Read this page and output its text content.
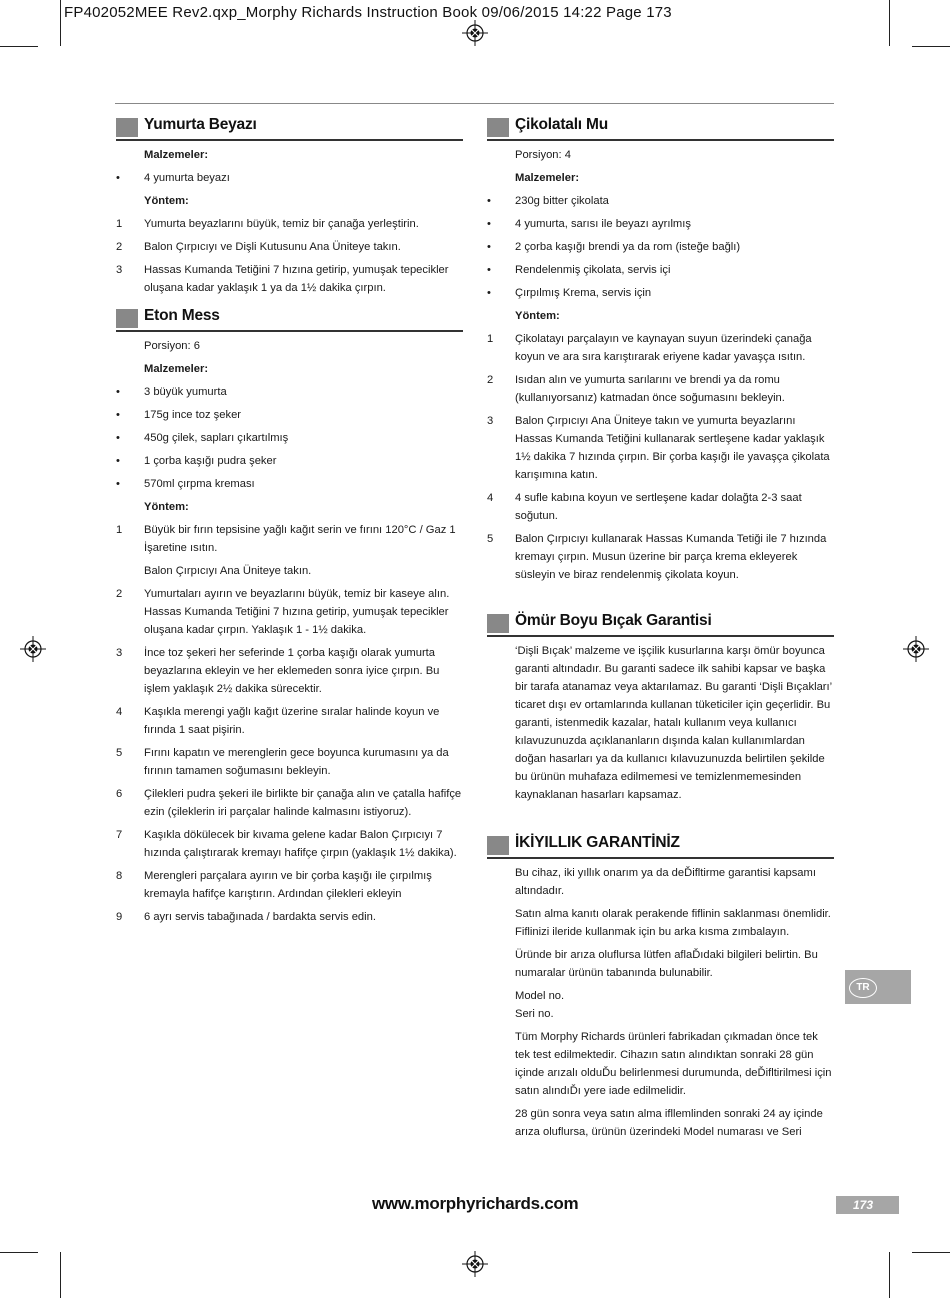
FP402052MEE Rev2.qxp_Morphy Richards Instruction Book 09/06/2015 14:22 Page 173
Yumurta Beyazı
Malzemeler:
•	4 yumurta beyazı
Yöntem:
1	Yumurta beyazlarını büyük, temiz bir çanağa yerleştirin.
2	Balon Çırpıcıyı ve Dişli Kutusunu Ana Üniteye takın.
3	Hassas Kumanda Tetiğini 7 hızına getirip, yumuşak tepecikler oluşana kadar yaklaşık 1 ya da 1½ dakika çırpın.
Eton Mess
Porsiyon: 6
Malzemeler:
•	3 büyük yumurta
•	175g ince toz şeker
•	450g çilek, sapları çıkartılmış
•	1 çorba kaşığı pudra şeker
•	570ml çırpma kreması
Yöntem:
1	Büyük bir fırın tepsisine yağlı kağıt serin ve fırını 120°C / Gaz 1 İşaretine ısıtın.
Balon Çırpıcıyı Ana Üniteye takın.
2	Yumurtaları ayırın ve beyazlarını büyük, temiz bir kaseye alın. Hassas Kumanda Tetiğini 7 hızına getirip, yumuşak tepecikler oluşana kadar çırpın. Yaklaşık 1 - 1½ dakika.
3	İnce toz şekeri her seferinde 1 çorba kaşığı olarak yumurta beyazlarına ekleyin ve her eklemeden sonra iyice çırpın. Bu işlem yaklaşık 2½ dakika sürecektir.
4	Kaşıkla merengi yağlı kağıt üzerine sıralar halinde koyun ve fırında 1 saat pişirin.
5	Fırını kapatın ve merenglerin gece boyunca kurumasını ya da fırının tamamen soğumasını bekleyin.
6	Çilekleri pudra şekeri ile birlikte bir çanağa alın ve çatalla hafifçe ezin (çileklerin iri parçalar halinde kalmasını istiyoruz).
7	Kaşıkla dökülecek bir kıvama gelene kadar Balon Çırpıcıyı 7 hızında çalıştırarak kremayı hafifçe çırpın (yaklaşık 1½ dakika).
8	Merengleri parçalara ayırın ve bir çorba kaşığı ile çırpılmış kremayla hafifçe karıştırın. Ardından çilekleri ekleyin
9	6 ayrı servis tabağınada / bardakta servis edin.
Çikolatalı Mu
Porsiyon: 4
Malzemeler:
•	230g bitter çikolata
•	4 yumurta, sarısı ile beyazı ayrılmış
•	2 çorba kaşığı brendi ya da rom (isteğe bağlı)
•	Rendelenmiş çikolata, servis içi
•	Çırpılmış Krema, servis için
Yöntem:
1	Çikolatayı parçalayın ve kaynayan suyun üzerindeki çanağa koyun ve ara sıra karıştırarak eriyene kadar yavaşça ısıtın.
2	Isıdan alın ve yumurta sarılarını ve brendi ya da romu (kullanıyorsanız) katmadan önce soğumasını bekleyin.
3	Balon Çırpıcıyı Ana Üniteye takın ve yumurta beyazlarını Hassas Kumanda Tetiğini kullanarak sertleşene kadar yaklaşık 1½ dakika 7 hızında çırpın. Bir çorba kaşığı ile yavaşça çikolata karışımına katın.
4	4 sufle kabına koyun ve sertleşene kadar dolağta 2-3 saat soğutun.
5	Balon Çırpıcıyı kullanarak Hassas Kumanda Tetiği ile 7 hızında kremayı çırpın. Musun üzerine bir parça krema ekleyerek süsleyin ve biraz rendelenmiş çikolata koyun.
Ömür Boyu Bıçak Garantisi
‘Dişli Bıçak’ malzeme ve işçilik kusurlarına karşı ömür boyunca garanti altındadır. Bu garanti sadece ilk sahibi kapsar ve başka bir tarafa atanamaz veya aktarılamaz. Bu garanti ‘Dişli Bıçakları’ ticaret dışı ev ortamlarında kullanan tüketiciler için geçerlidir. Bu garanti, istenmedik kazalar, hatalı kullanım veya kullanıcı kılavuzunuzda açıklananların dışında kalan kullanımlardan doğan hasarları ya da kullanıcı kılavuzunuzda belirtilen şekilde bu ürünün muhafaza edilmemesi ve temizlenmemesinden kaynaklanan hasarları kapsamaz.
İKİYILLIK GARANTİNİZ
Bu cihaz, iki yıllık onarım ya da deĎifltirme garantisi kapsamı altındadır.
Satın alma kanıtı olarak perakende fiflinin saklanması önemlidir. Fiflinizi ileride kullanmak için bu arka kısma zımbalayın.
Üründe bir arıza oluflursa lütfen aflaĎıdaki bilgileri belirtin. Bu numaralar ürünün tabanında bulunabilir.
Model no.
Seri no.
Tüm Morphy Richards ürünleri fabrikadan çıkmadan önce tek tek test edilmektedir. Cihazın satın alındıktan sonraki 28 gün içinde arızalı olduĎu belirlenmesi durumunda, deĎifltirilmesi için satın alındıĎı yere iade edilmelidir.
28 gün sonra veya satın alma ifllemlinden sonraki 24 ay içinde arıza oluflursa, ürünün üzerindeki Model numarası ve Seri
TR
www.morphyrichards.com	173
